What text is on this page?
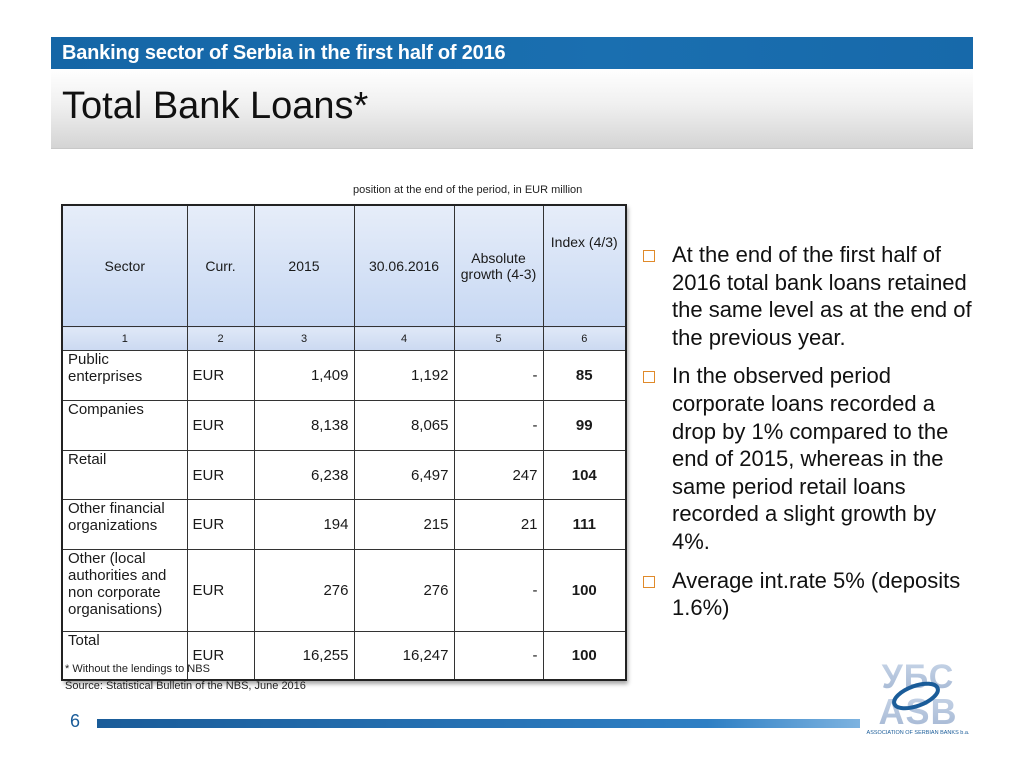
Banking sector of Serbia in the first half of 2016
Total Bank Loans*
position at the end of the period, in EUR million
Sector	Curr.	2015	30.06.2016	Absolute growth (4-3)	Index (4/3)
1	2	3	4	5	6
Public enterprises	EUR	1,409	1,192	-	85
Companies	EUR	8,138	8,065	-	99
Retail	EUR	6,238	6,497	247	104
Other financial organizations	EUR	194	215	21	111
Other (local authorities and non corporate organisations)	EUR	276	276	-	100
Total	EUR	16,255	16,247	-	100
At the end of the first half of 2016 total bank loans retained the same level as at the end of the previous year.
In the observed period corporate loans recorded a drop by 1% compared to the end of 2015, whereas in the same period retail loans recorded a slight growth by 4%.
Average int.rate 5% (deposits 1.6%)
* Without the lendings to NBS
Source: Statistical Bulletin of the NBS, June 2016
6
УБС
ASB
ASSOCIATION OF SERBIAN BANKS b.a.
